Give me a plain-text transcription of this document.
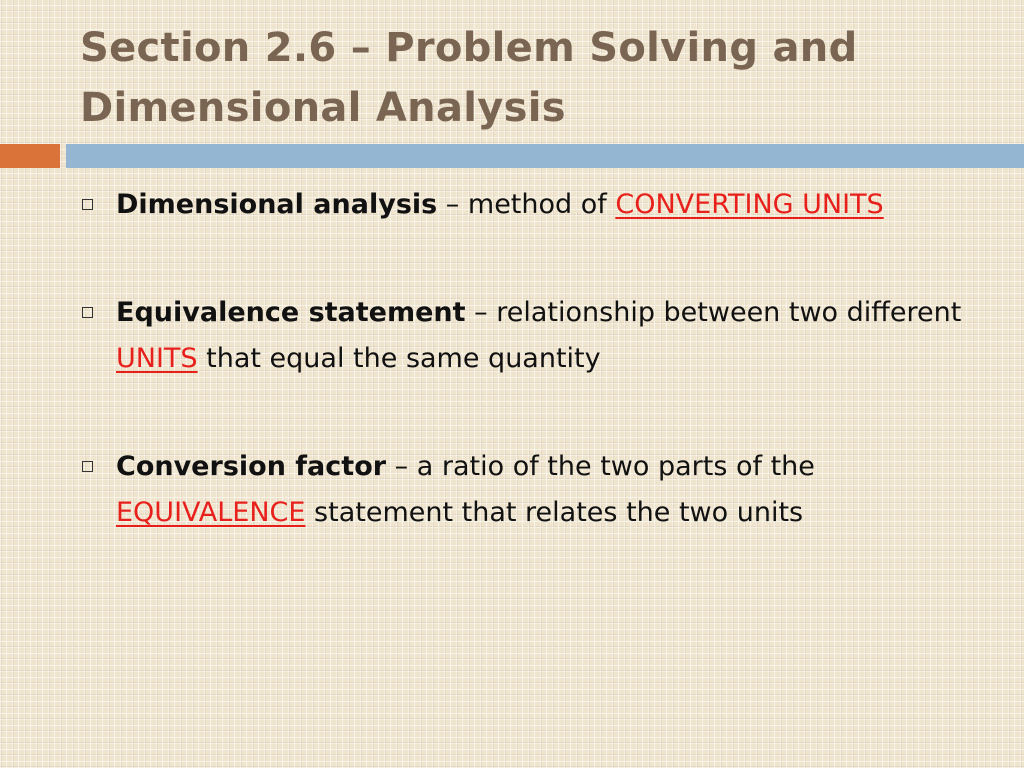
Section 2.6 – Problem Solving and Dimensional Analysis
Dimensional analysis – method of CONVERTING UNITS
Equivalence statement – relationship between two different UNITS that equal the same quantity
Conversion factor – a ratio of the two parts of the EQUIVALENCE statement that relates the two units
